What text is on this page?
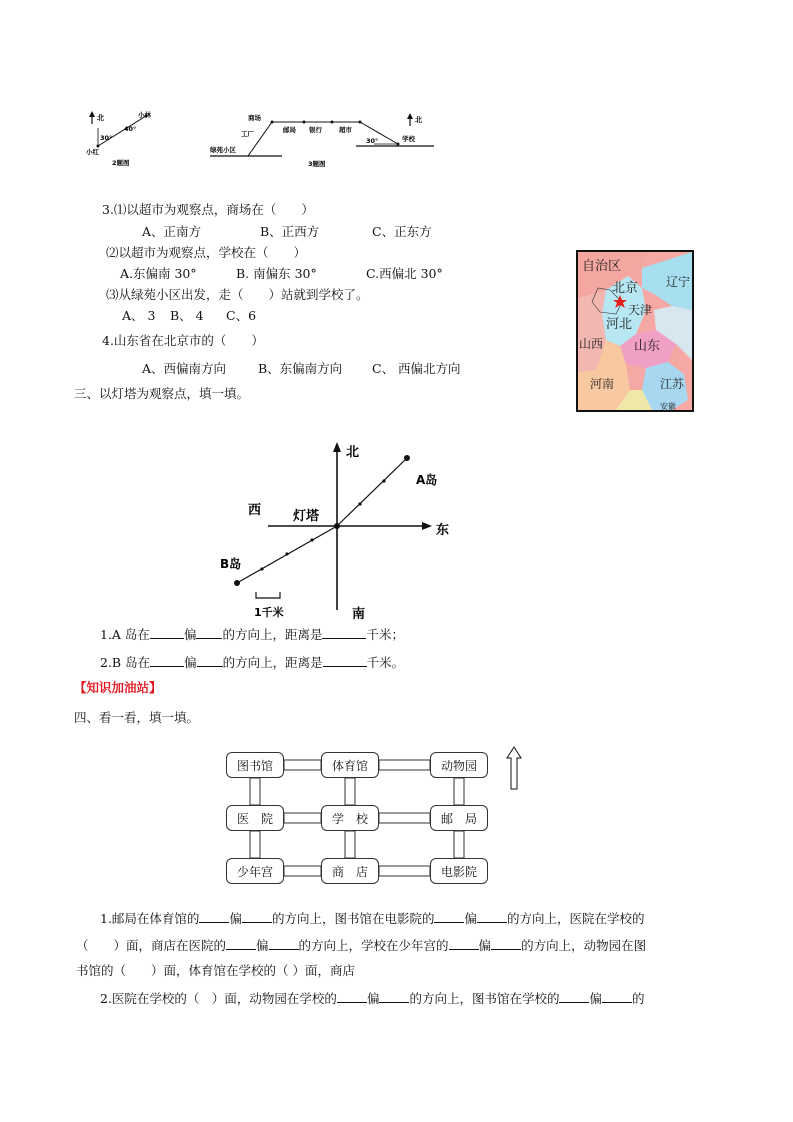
北	小林
小红
40°
30°
2题图
北
商场
工厂	邮局 银行	超市
绿苑小区
学校
30°
3题图
3.⑴以超市为观察点，商场在（　　）
A、正南方	B、正西方	C、正东方
⑵以超市为观察点，学校在（　　）
A.东偏南 30°	B. 南偏东 30°	C.西偏北 30°
⑶从绿苑小区出发，走（　　）站就到学校了。
A、 3 B、 4 C、6
4.山东省在北京市的（　　）
A、西偏南方向	B、东偏南方向 C、 西偏北方向
自治区
北京 辽宁
天津
河北
山西 山东
河南	江苏
安徽
三、以灯塔为观察点，填一填。
北
南
东
西 灯塔
A岛
B岛
1千米
1.A 岛在	偏 的方向上，距离是	千米；
2.B 岛在	偏 的方向上，距离是	千米。
【知识加油站】
四、看一看，填一填。
图书馆	体育馆	动物园
医　院	学　校	邮　局
少年宫	商　店	电影院
1.邮局在体育馆的 偏 的方向上，图书馆在电影院的 偏 的方向上，医院在学校的
（　　）面，商店在医院的 偏 的方向上，学校在少年宫的 偏 的方向上，动物园在图
书馆的（　　）面，体育馆在学校的（ ）面，商店
2.医院在学校的（　）面，动物园在学校的 偏 的方向上，图书馆在学校的 偏 的
